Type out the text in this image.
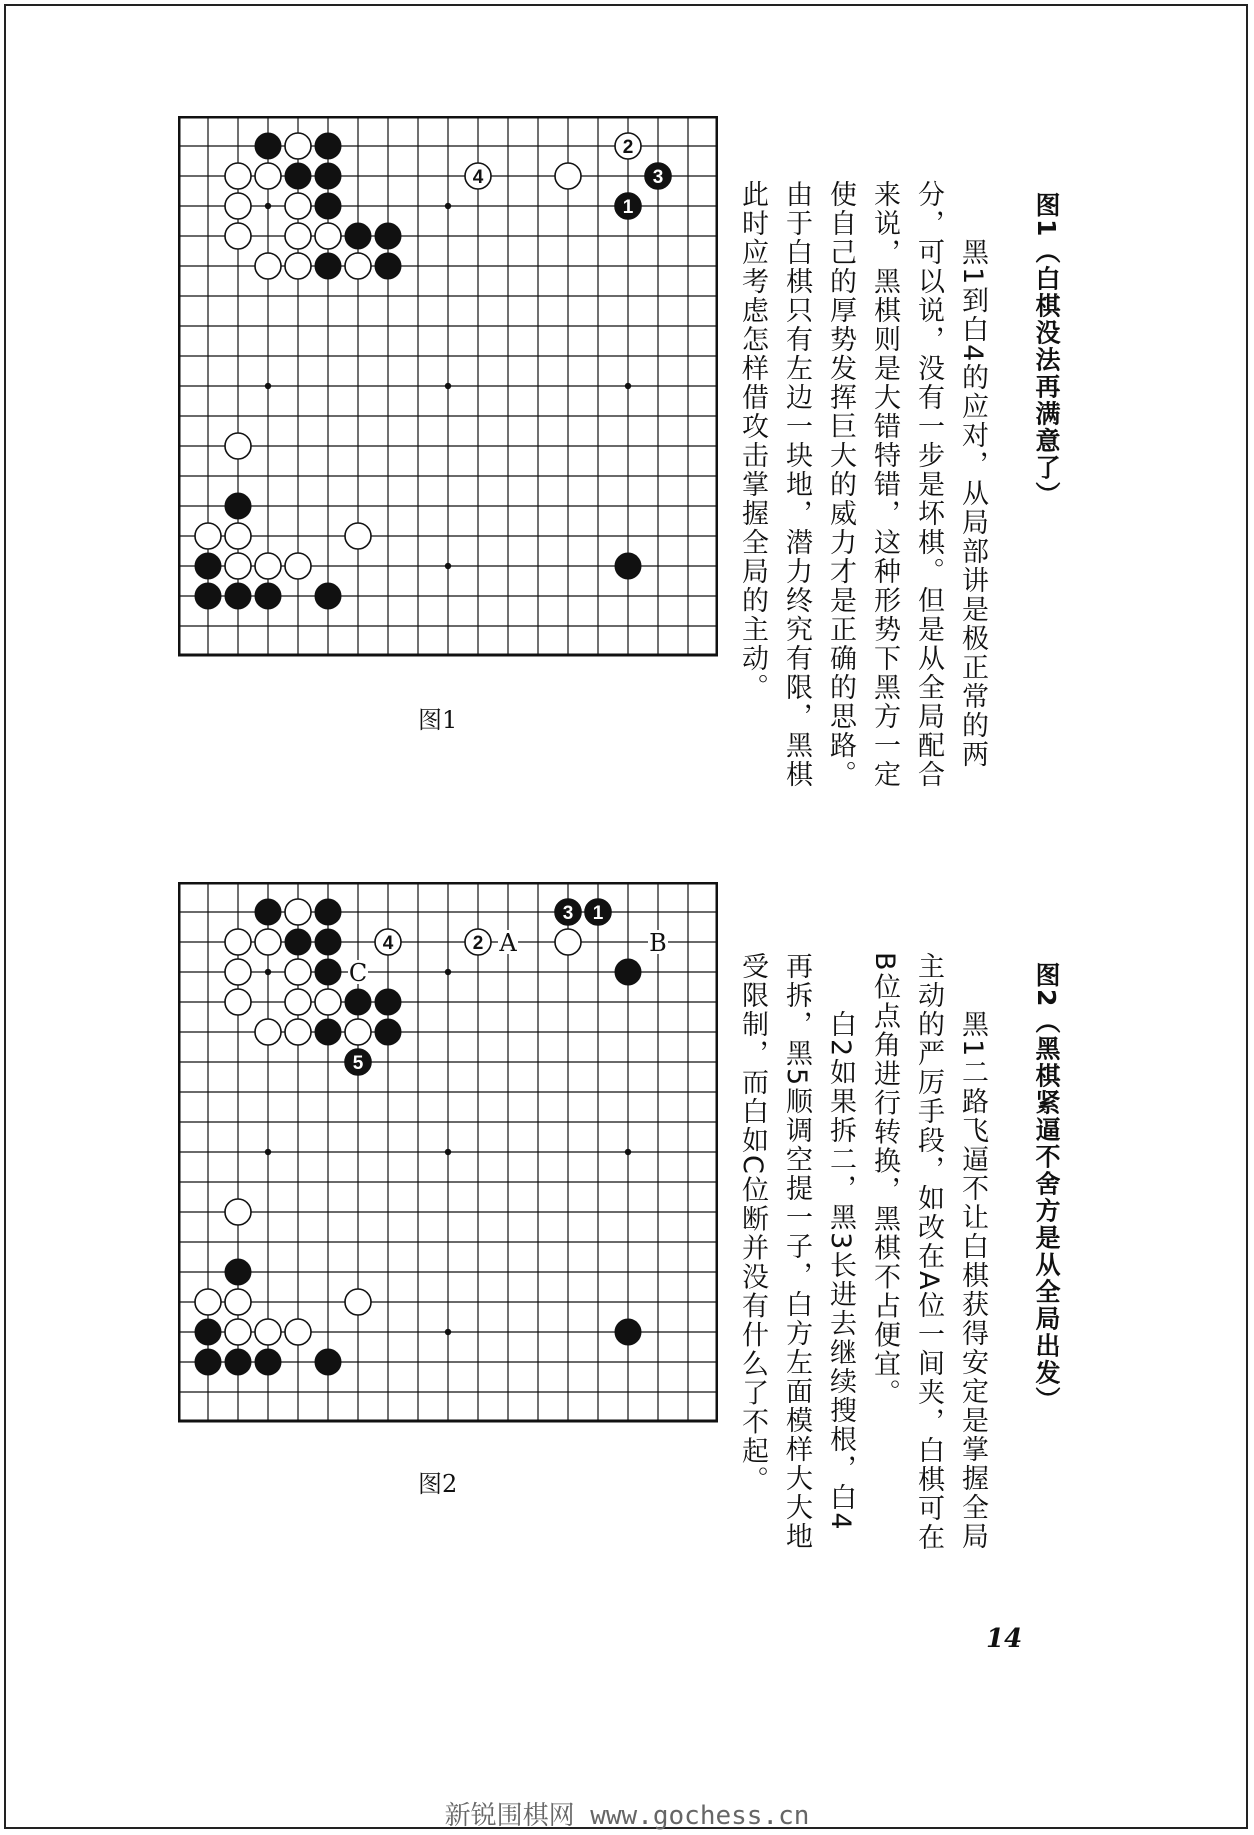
1
2
3
4
图1
图1（白棋没法再满意了）
　　黑1到白4的应对，从局部讲是极正常的两
分，可以说，没有一步是坏棋。但是从全局配合
来说，黑棋则是大错特错，这种形势下黑方一定
使自己的厚势发挥巨大的威力才是正确的思路。
由于白棋只有左边一块地，潜力终究有限，黑棋
此时应考虑怎样借攻击掌握全局的主动。
1
2
3
4
5
A	B
C
图2
图2（黑棋紧逼不舍方是从全局出发）
　　黑1二路飞逼不让白棋获得安定是掌握全局
主动的严厉手段，如改在A位一间夹，白棋可在
B位点角进行转换，黑棋不占便宜。
　　白2如果拆二，黑3长进去继续搜根，白4
再拆，黑5顺调空提一子，白方左面模样大大地
受限制，而白如C位断并没有什么了不起。
14
新锐围棋网 www.gochess.cn
